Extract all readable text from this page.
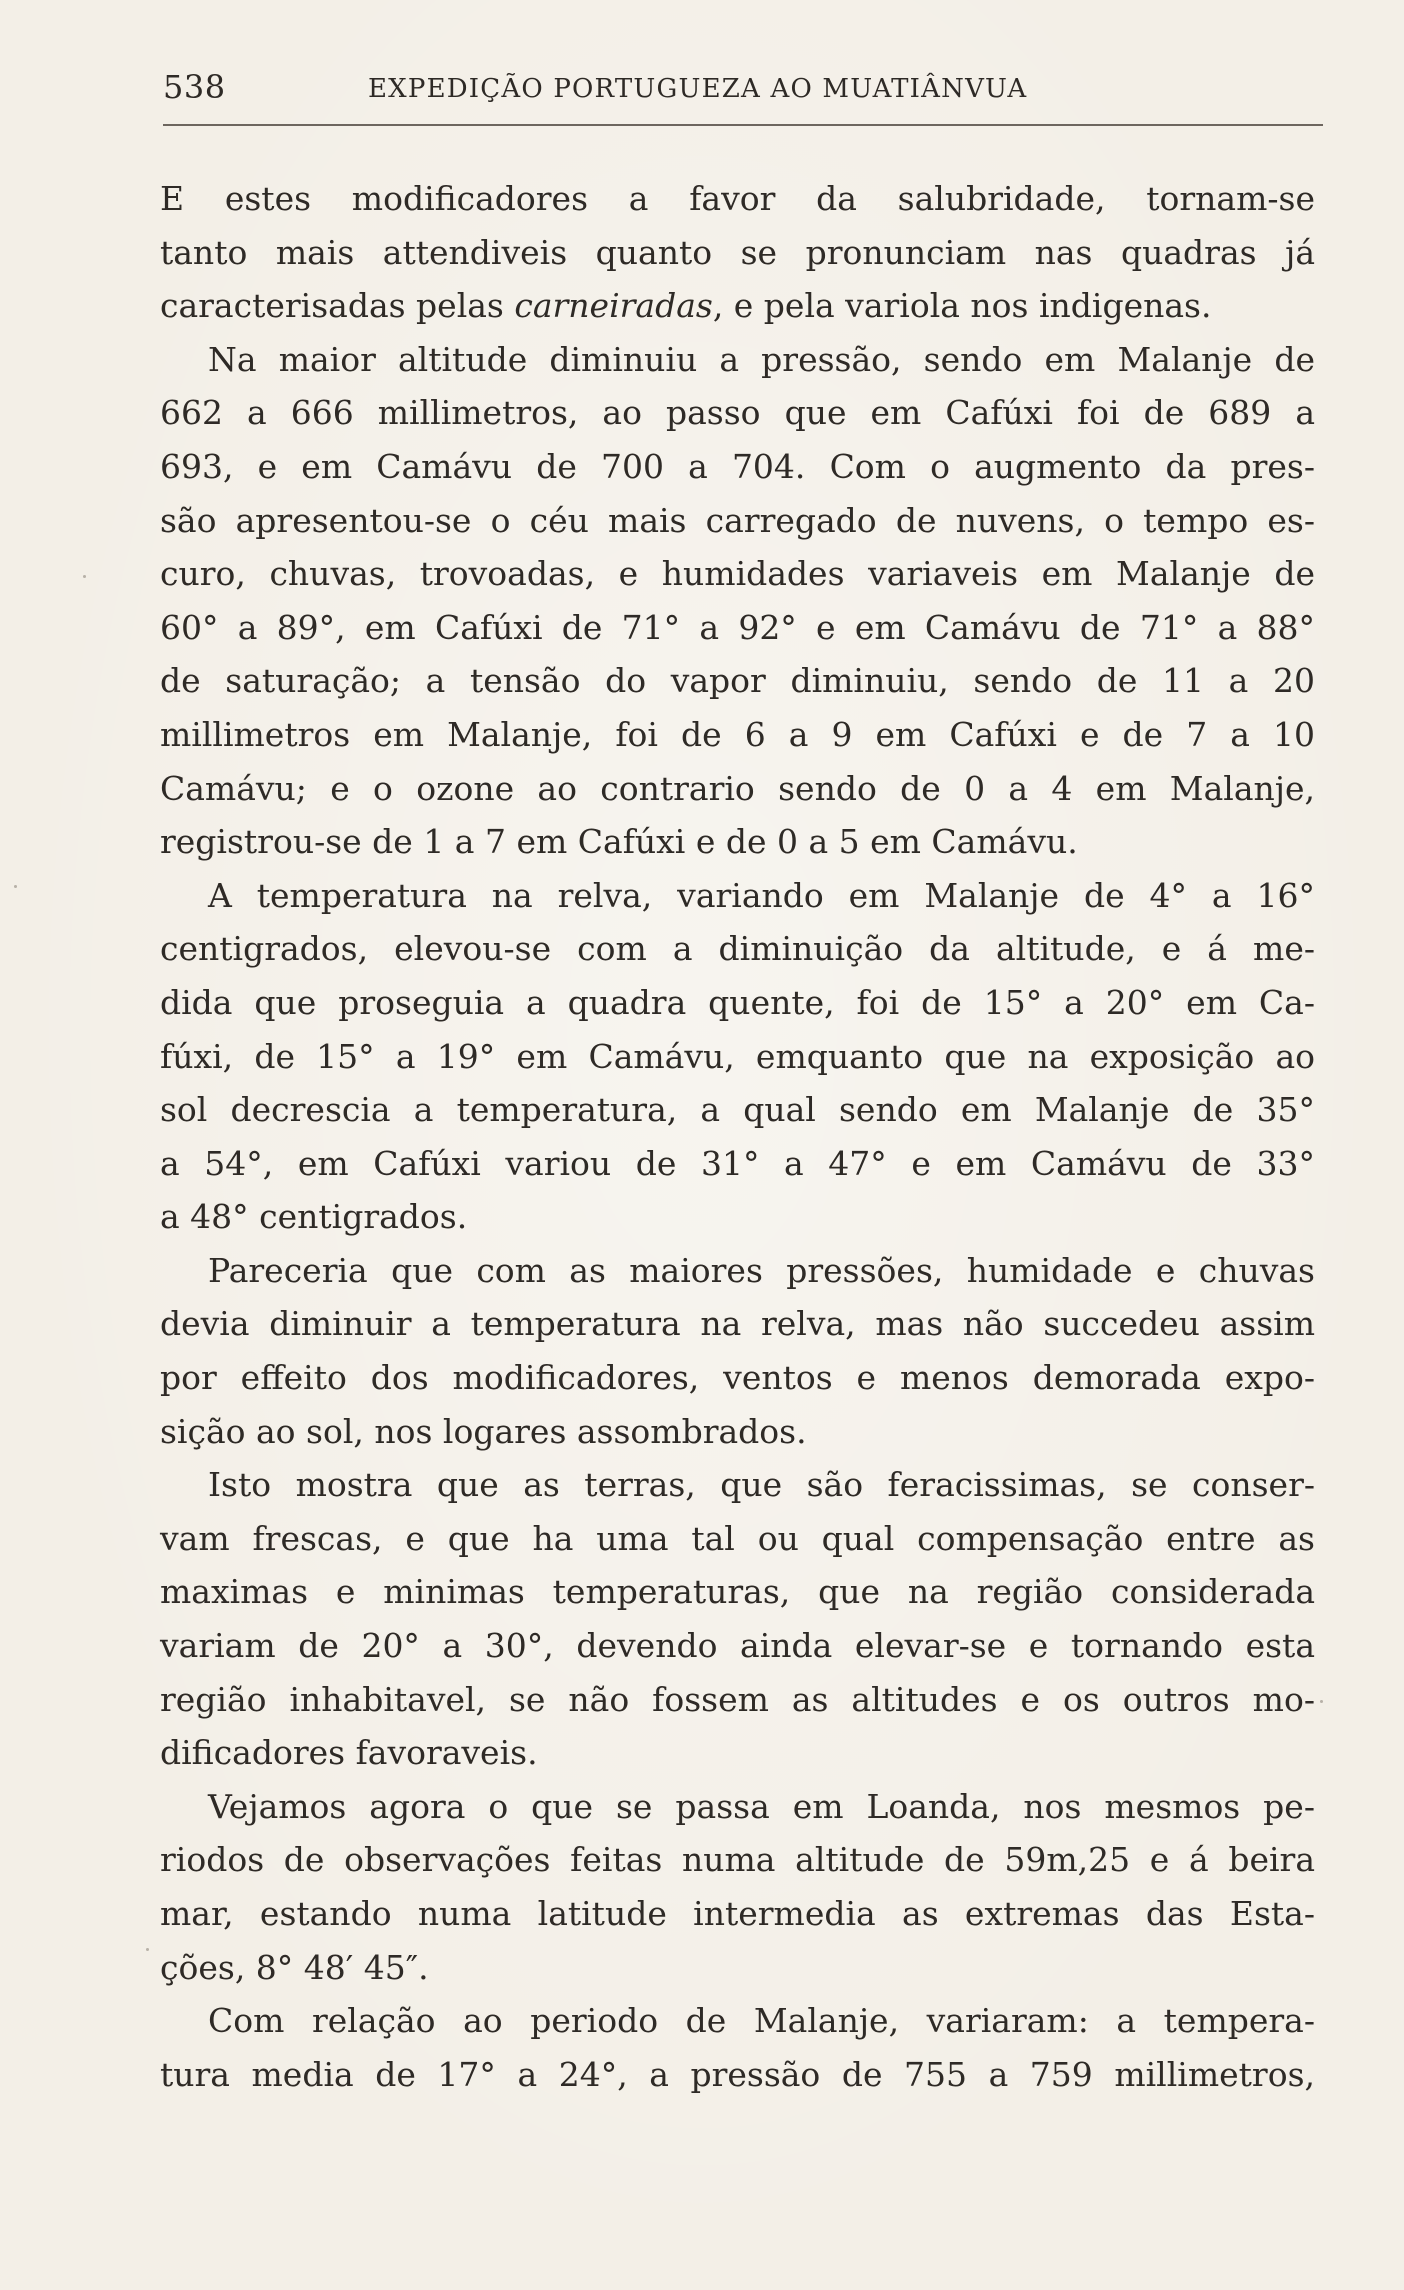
538	EXPEDIÇÃO PORTUGUEZA AO MUATIÂNVUA
E estes modificadores a favor da salubridade, tornam-se
tanto mais attendiveis quanto se pronunciam nas quadras já
caracterisadas pelas carneiradas, e pela variola nos indigenas.
Na maior altitude diminuiu a pressão, sendo em Malanje de
662 a 666 millimetros, ao passo que em Cafúxi foi de 689 a
693, e em Camávu de 700 a 704. Com o augmento da pres-
são apresentou-se o céu mais carregado de nuvens, o tempo es-
curo, chuvas, trovoadas, e humidades variaveis em Malanje de
60° a 89°, em Cafúxi de 71° a 92° e em Camávu de 71° a 88°
de saturação; a tensão do vapor diminuiu, sendo de 11 a 20
millimetros em Malanje, foi de 6 a 9 em Cafúxi e de 7 a 10
Camávu; e o ozone ao contrario sendo de 0 a 4 em Malanje,
registrou-se de 1 a 7 em Cafúxi e de 0 a 5 em Camávu.
A temperatura na relva, variando em Malanje de 4° a 16°
centigrados, elevou-se com a diminuição da altitude, e á me-
dida que proseguia a quadra quente, foi de 15° a 20° em Ca-
fúxi, de 15° a 19° em Camávu, emquanto que na exposição ao
sol decrescia a temperatura, a qual sendo em Malanje de 35°
a 54°, em Cafúxi variou de 31° a 47° e em Camávu de 33°
a 48° centigrados.
Pareceria que com as maiores pressões, humidade e chuvas
devia diminuir a temperatura na relva, mas não succedeu assim
por effeito dos modificadores, ventos e menos demorada expo-
sição ao sol, nos logares assombrados.
Isto mostra que as terras, que são feracissimas, se conser-
vam frescas, e que ha uma tal ou qual compensação entre as
maximas e minimas temperaturas, que na região considerada
variam de 20° a 30°, devendo ainda elevar-se e tornando esta
região inhabitavel, se não fossem as altitudes e os outros mo-
dificadores favoraveis.
Vejamos agora o que se passa em Loanda, nos mesmos pe-
riodos de observações feitas numa altitude de 59m,25 e á beira
mar, estando numa latitude intermedia as extremas das Esta-
ções, 8° 48′ 45″.
Com relação ao periodo de Malanje, variaram: a tempera-
tura media de 17° a 24°, a pressão de 755 a 759 millimetros,
